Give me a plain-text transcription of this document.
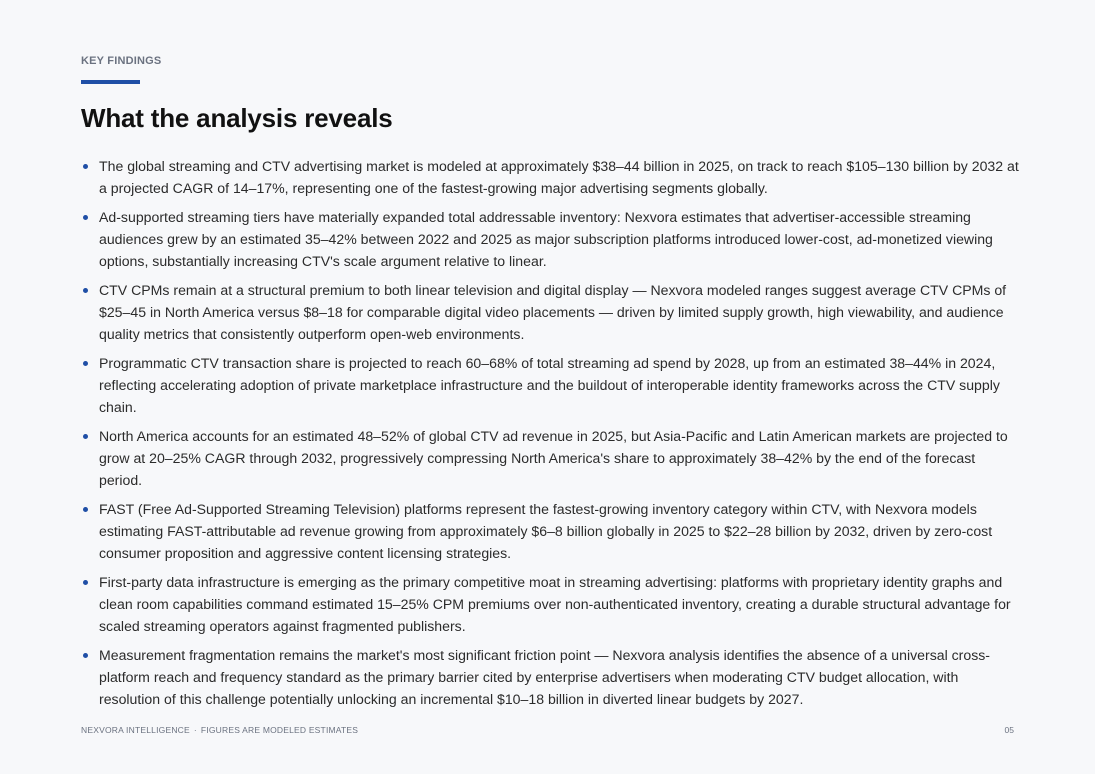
KEY FINDINGS
What the analysis reveals
The global streaming and CTV advertising market is modeled at approximately $38–44 billion in 2025, on track to reach $105–130 billion by 2032 at a projected CAGR of 14–17%, representing one of the fastest-growing major advertising segments globally.
Ad-supported streaming tiers have materially expanded total addressable inventory: Nexvora estimates that advertiser-accessible streaming audiences grew by an estimated 35–42% between 2022 and 2025 as major subscription platforms introduced lower-cost, ad-monetized viewing options, substantially increasing CTV's scale argument relative to linear.
CTV CPMs remain at a structural premium to both linear television and digital display — Nexvora modeled ranges suggest average CTV CPMs of $25–45 in North America versus $8–18 for comparable digital video placements — driven by limited supply growth, high viewability, and audience quality metrics that consistently outperform open-web environments.
Programmatic CTV transaction share is projected to reach 60–68% of total streaming ad spend by 2028, up from an estimated 38–44% in 2024, reflecting accelerating adoption of private marketplace infrastructure and the buildout of interoperable identity frameworks across the CTV supply chain.
North America accounts for an estimated 48–52% of global CTV ad revenue in 2025, but Asia-Pacific and Latin American markets are projected to grow at 20–25% CAGR through 2032, progressively compressing North America's share to approximately 38–42% by the end of the forecast period.
FAST (Free Ad-Supported Streaming Television) platforms represent the fastest-growing inventory category within CTV, with Nexvora models estimating FAST-attributable ad revenue growing from approximately $6–8 billion globally in 2025 to $22–28 billion by 2032, driven by zero-cost consumer proposition and aggressive content licensing strategies.
First-party data infrastructure is emerging as the primary competitive moat in streaming advertising: platforms with proprietary identity graphs and clean room capabilities command estimated 15–25% CPM premiums over non-authenticated inventory, creating a durable structural advantage for scaled streaming operators against fragmented publishers.
Measurement fragmentation remains the market's most significant friction point — Nexvora analysis identifies the absence of a universal cross-platform reach and frequency standard as the primary barrier cited by enterprise advertisers when moderating CTV budget allocation, with resolution of this challenge potentially unlocking an incremental $10–18 billion in diverted linear budgets by 2027.
NEXVORA INTELLIGENCE · FIGURES ARE MODELED ESTIMATES	05
